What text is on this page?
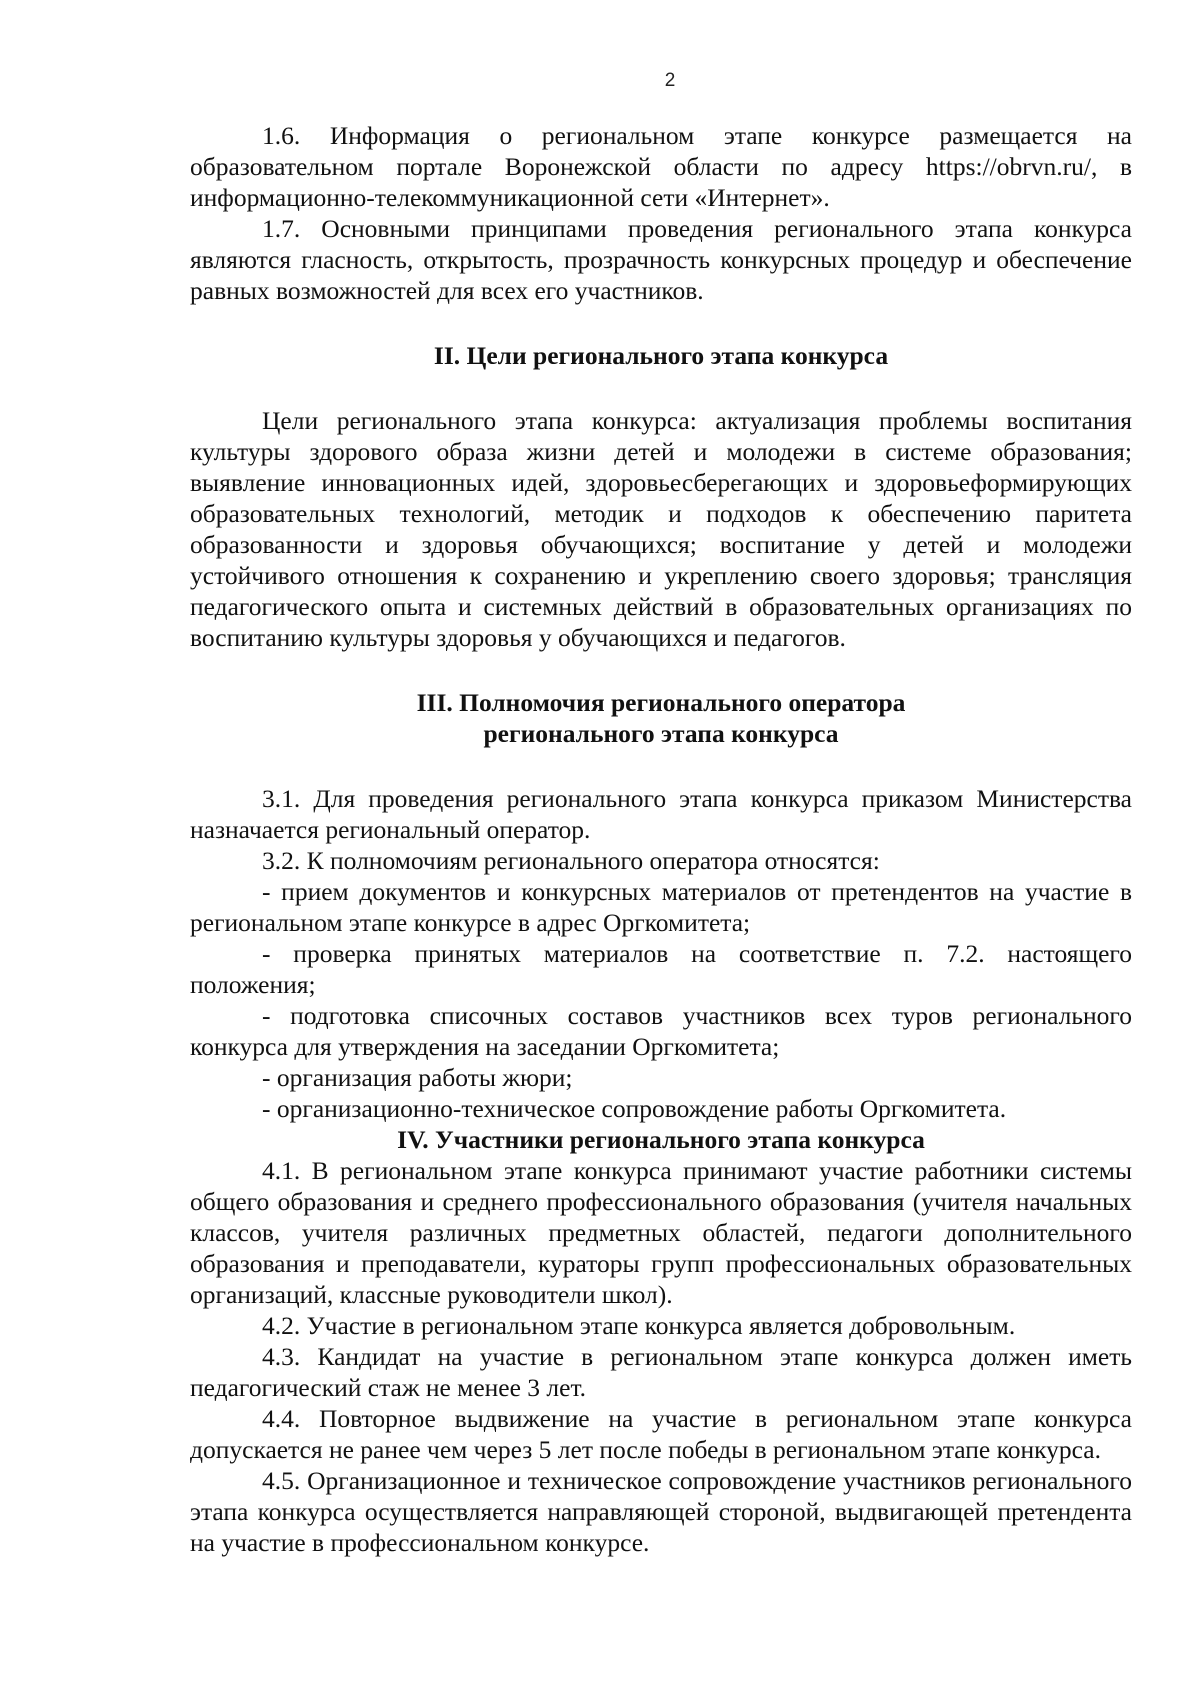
2

1.6. Информация о региональном этапе конкурсе размещается на образовательном портале Воронежской области по адресу https://obrvn.ru/, в информационно-телекоммуникационной сети «Интернет».

1.7. Основными принципами проведения регионального этапа конкурса являются гласность, открытость, прозрачность конкурсных процедур и обеспечение равных возможностей для всех его участников.

II. Цели регионального этапа конкурса

Цели регионального этапа конкурса: актуализация проблемы воспитания культуры здорового образа жизни детей и молодежи в системе образования; выявление инновационных идей, здоровьесберегающих и здоровьеформирующих образовательных технологий, методик и подходов к обеспечению паритета образованности и здоровья обучающихся; воспитание у детей и молодежи устойчивого отношения к сохранению и укреплению своего здоровья; трансляция педагогического опыта и системных действий в образовательных организациях по воспитанию культуры здоровья у обучающихся и педагогов.

III. Полномочия регионального оператора
регионального этапа конкурса

3.1. Для проведения регионального этапа конкурса приказом Министерства назначается региональный оператор.

3.2. К полномочиям регионального оператора относятся:

- прием документов и конкурсных материалов от претендентов на участие в региональном этапе конкурсе в адрес Оргкомитета;

- проверка принятых материалов на соответствие п. 7.2. настоящего положения;

- подготовка списочных составов участников всех туров регионального конкурса для утверждения на заседании Оргкомитета;

- организация работы жюри;

- организационно-техническое сопровождение работы Оргкомитета.

IV. Участники регионального этапа конкурса

4.1. В региональном этапе конкурса принимают участие работники системы общего образования и среднего профессионального образования (учителя начальных классов, учителя различных предметных областей, педагоги дополнительного образования и преподаватели, кураторы групп профессиональных образовательных организаций, классные руководители школ).

4.2. Участие в региональном этапе конкурса является добровольным.

4.3. Кандидат на участие в региональном этапе конкурса должен иметь педагогический стаж не менее 3 лет.

4.4. Повторное выдвижение на участие в региональном этапе конкурса допускается не ранее чем через 5 лет после победы в региональном этапе конкурса.

4.5. Организационное и техническое сопровождение участников регионального этапа конкурса осуществляется направляющей стороной, выдвигающей претендента на участие в профессиональном конкурсе.
